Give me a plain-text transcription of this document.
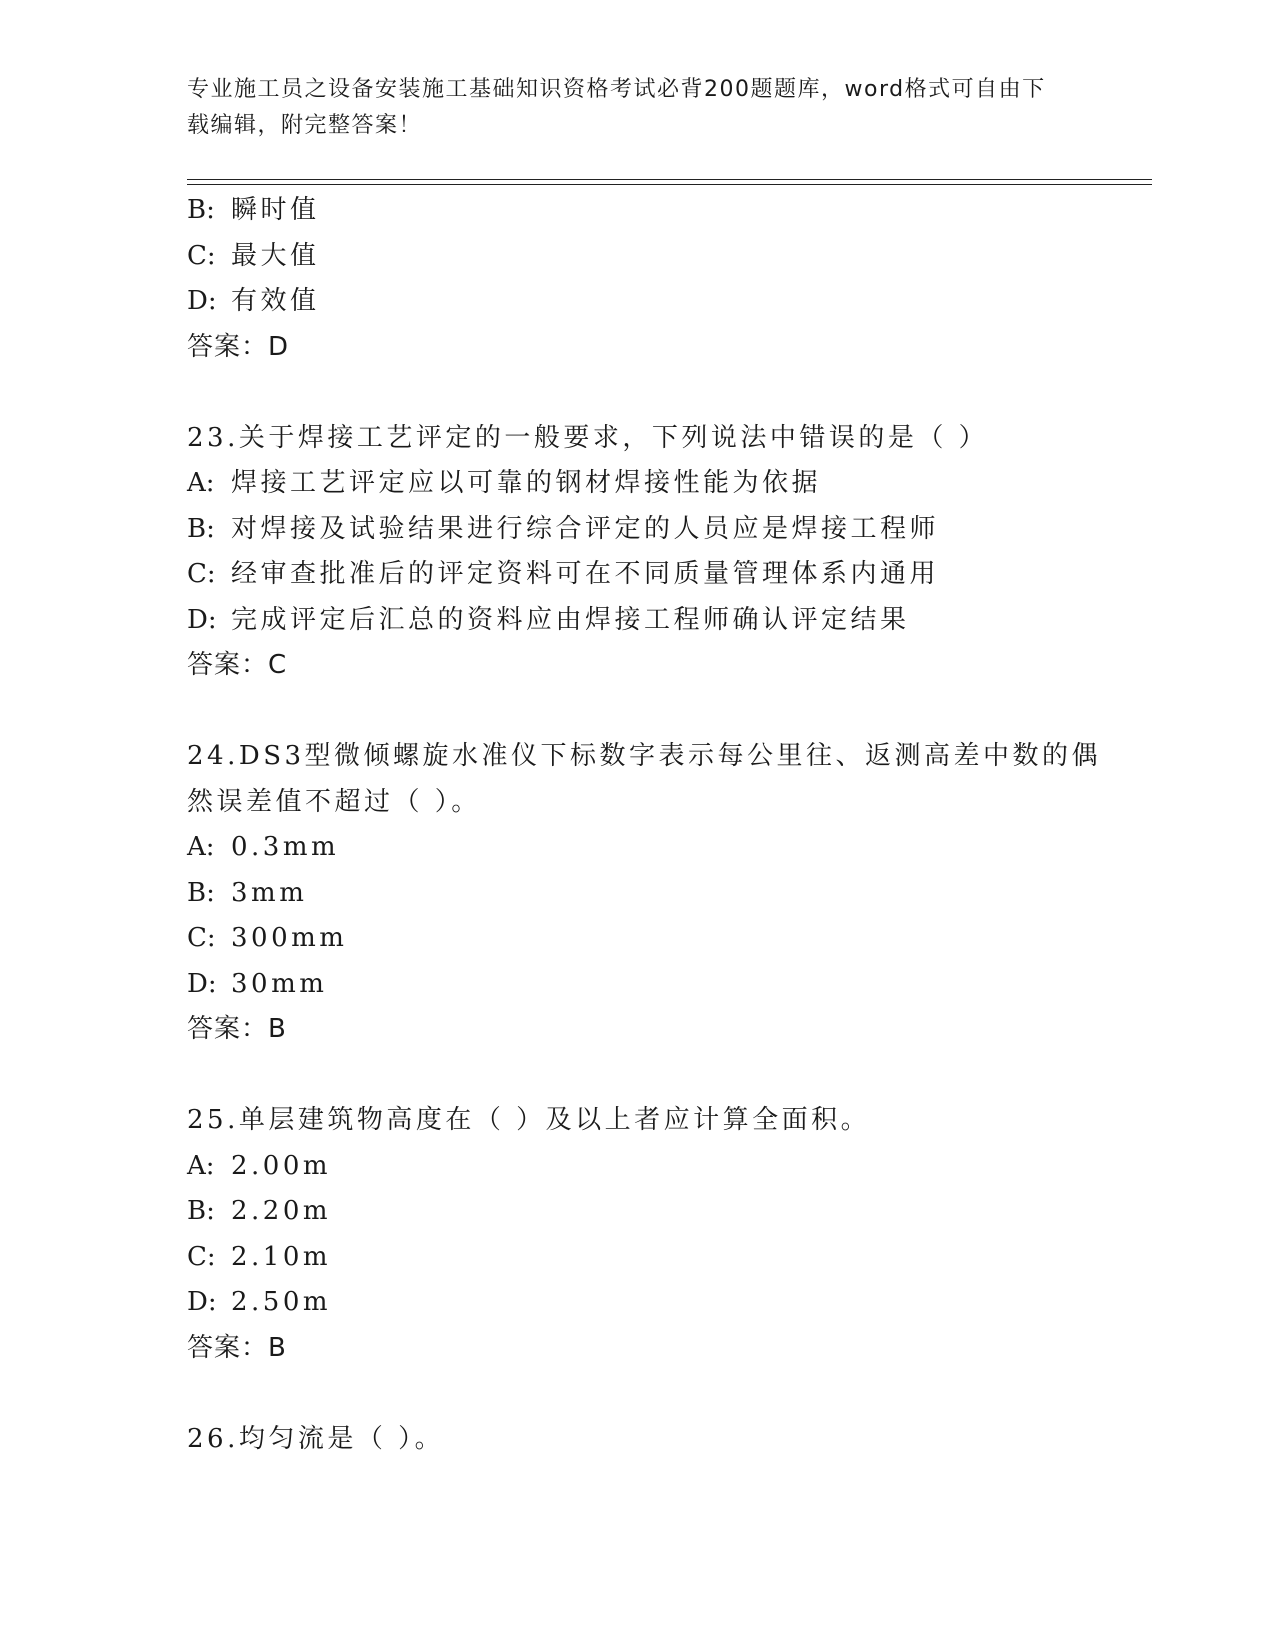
专业施工员之设备安装施工基础知识资格考试必背200题题库，word格式可自由下载编辑，附完整答案！
B: 瞬时值
C: 最大值
D: 有效值
答案：D
23.关于焊接工艺评定的一般要求，下列说法中错误的是（ ）
A: 焊接工艺评定应以可靠的钢材焊接性能为依据
B: 对焊接及试验结果进行综合评定的人员应是焊接工程师
C: 经审查批准后的评定资料可在不同质量管理体系内通用
D: 完成评定后汇总的资料应由焊接工程师确认评定结果
答案：C
24.DS3型微倾螺旋水准仪下标数字表示每公里往、返测高差中数的偶
然误差值不超过（ ）。
A: 0.3mm
B: 3mm
C: 300mm
D: 30mm
答案：B
25.单层建筑物高度在（ ）及以上者应计算全面积。
A: 2.00m
B: 2.20m
C: 2.10m
D: 2.50m
答案：B
26.均匀流是（ ）。
